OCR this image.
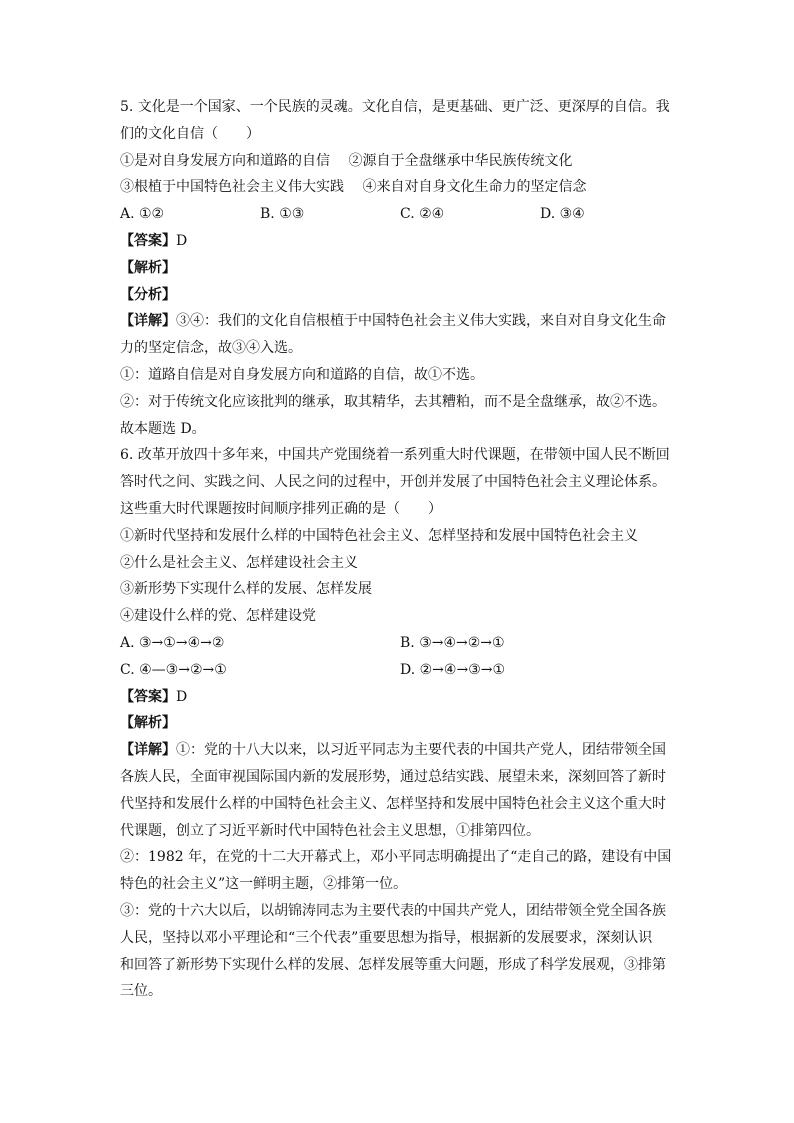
5. 文化是一个国家、一个民族的灵魂。文化自信，是更基础、更广泛、更深厚的自信。我
们的文化自信（　　）
①是对自身发展方向和道路的自信　 ②源自于全盘继承中华民族传统文化
③根植于中国特色社会主义伟大实践　 ④来自对自身文化生命力的坚定信念
A. ①②	B. ①③	C. ②④	D. ③④
【答案】D
【解析】
【分析】
【详解】③④：我们的文化自信根植于中国特色社会主义伟大实践，来自对自身文化生命
力的坚定信念，故③④入选。
①：道路自信是对自身发展方向和道路的自信，故①不选。
②：对于传统文化应该批判的继承，取其精华，去其糟粕，而不是全盘继承，故②不选。
故本题选 D。
6. 改革开放四十多年来，中国共产党围绕着一系列重大时代课题，在带领中国人民不断回
答时代之问、实践之问、人民之问的过程中，开创并发展了中国特色社会主义理论体系。
这些重大时代课题按时间顺序排列正确的是（　　）
①新时代坚持和发展什么样的中国特色社会主义、怎样坚持和发展中国特色社会主义
②什么是社会主义、怎样建设社会主义
③新形势下实现什么样的发展、怎样发展
④建设什么样的党、怎样建设党
A. ③→①→④→②	B. ③→④→②→①
C. ④—③→②→①	D. ②→④→③→①
【答案】D
【解析】
【详解】①：党的十八大以来，以习近平同志为主要代表的中国共产党人，团结带领全国
各族人民，全面审视国际国内新的发展形势，通过总结实践、展望未来，深刻回答了新时
代坚持和发展什么样的中国特色社会主义、怎样坚持和发展中国特色社会主义这个重大时
代课题，创立了习近平新时代中国特色社会主义思想，①排第四位。
②：1982 年，在党的十二大开幕式上，邓小平同志明确提出了“走自己的路，建设有中国
特色的社会主义”这一鲜明主题，②排第一位。
③：党的十六大以后，以胡锦涛同志为主要代表的中国共产党人，团结带领全党全国各族
人民，坚持以邓小平理论和“三个代表”重要思想为指导，根据新的发展要求，深刻认识
和回答了新形势下实现什么样的发展、怎样发展等重大问题，形成了科学发展观，③排第
三位。
